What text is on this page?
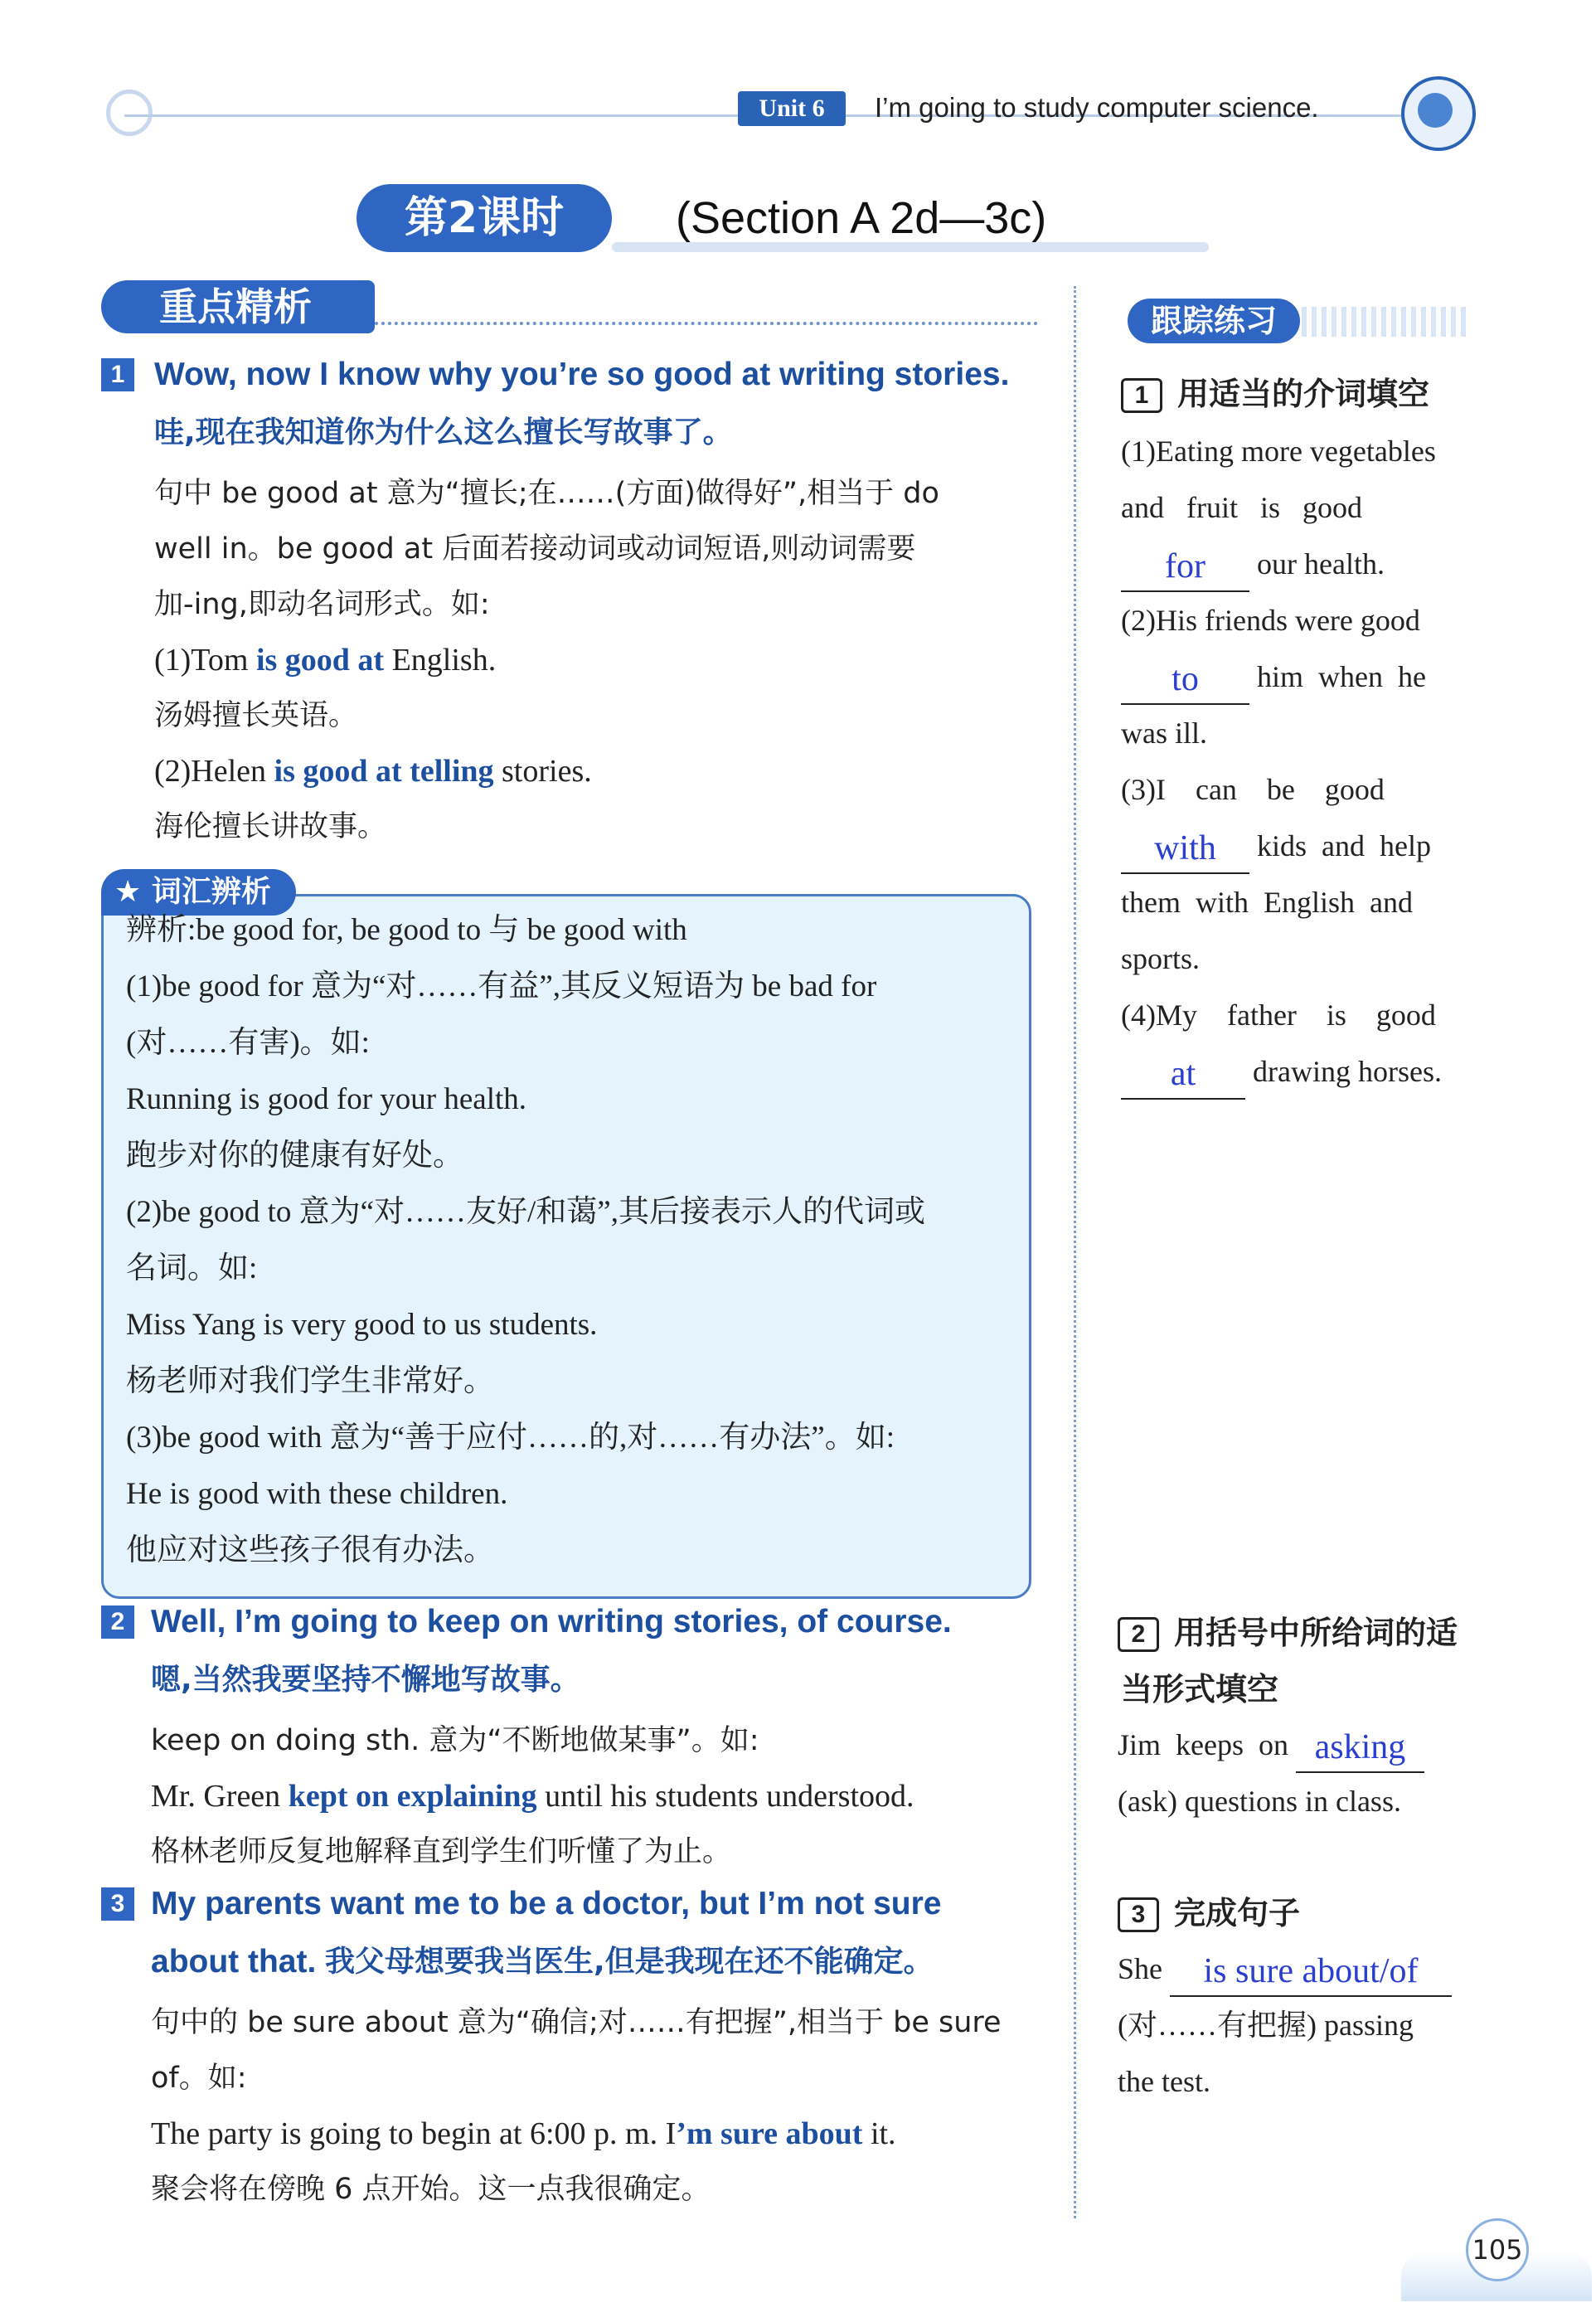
Unit 6	I’m going to study computer science.
第2课时	(Section A 2d—3c)
重点精析
1 Wow, now I know why you’re so good at writing stories.
哇,现在我知道你为什么这么擅长写故事了。
句中 be good at 意为“擅长;在……(方面)做得好”,相当于 do
well in。be good at 后面若接动词或动词短语,则动词需要
加-ing,即动名词形式。如:
(1)Tom is good at English.
汤姆擅长英语。
(2)Helen is good at telling stories.
海伦擅长讲故事。
★ 词汇辨析
辨析:be good for, be good to 与 be good with
(1)be good for 意为“对……有益”,其反义短语为 be bad for
(对……有害)。如:
Running is good for your health.
跑步对你的健康有好处。
(2)be good to 意为“对……友好/和蔼”,其后接表示人的代词或
名词。如:
Miss Yang is very good to us students.
杨老师对我们学生非常好。
(3)be good with 意为“善于应付……的,对……有办法”。如:
He is good with these children.
他应对这些孩子很有办法。
2 Well, I’m going to keep on writing stories, of course.
嗯,当然我要坚持不懈地写故事。
keep on doing sth. 意为“不断地做某事”。如:
Mr. Green kept on explaining until his students understood.
格林老师反复地解释直到学生们听懂了为止。
3 My parents want me to be a doctor, but I’m not sure
about that. 我父母想要我当医生,但是我现在还不能确定。
句中的 be sure about 意为“确信;对……有把握”,相当于 be sure
of。如:
The party is going to begin at 6:00 p. m. I’m sure about it.
聚会将在傍晚 6 点开始。这一点我很确定。
跟踪练习
1 用适当的介词填空
(1)Eating more vegetables
and   fruit   is   good
for our health.
(2)His friends were good
to him  when  he
was ill.
(3)I    can    be    good
with kids  and  help
them  with  English  and
sports.
(4)My    father    is    good
at drawing horses.
2 用括号中所给词的适
当形式填空
Jim  keeps  on asking
(ask) questions in class.
3 完成句子
She is sure about/of
(对……有把握) passing
the test.
105
